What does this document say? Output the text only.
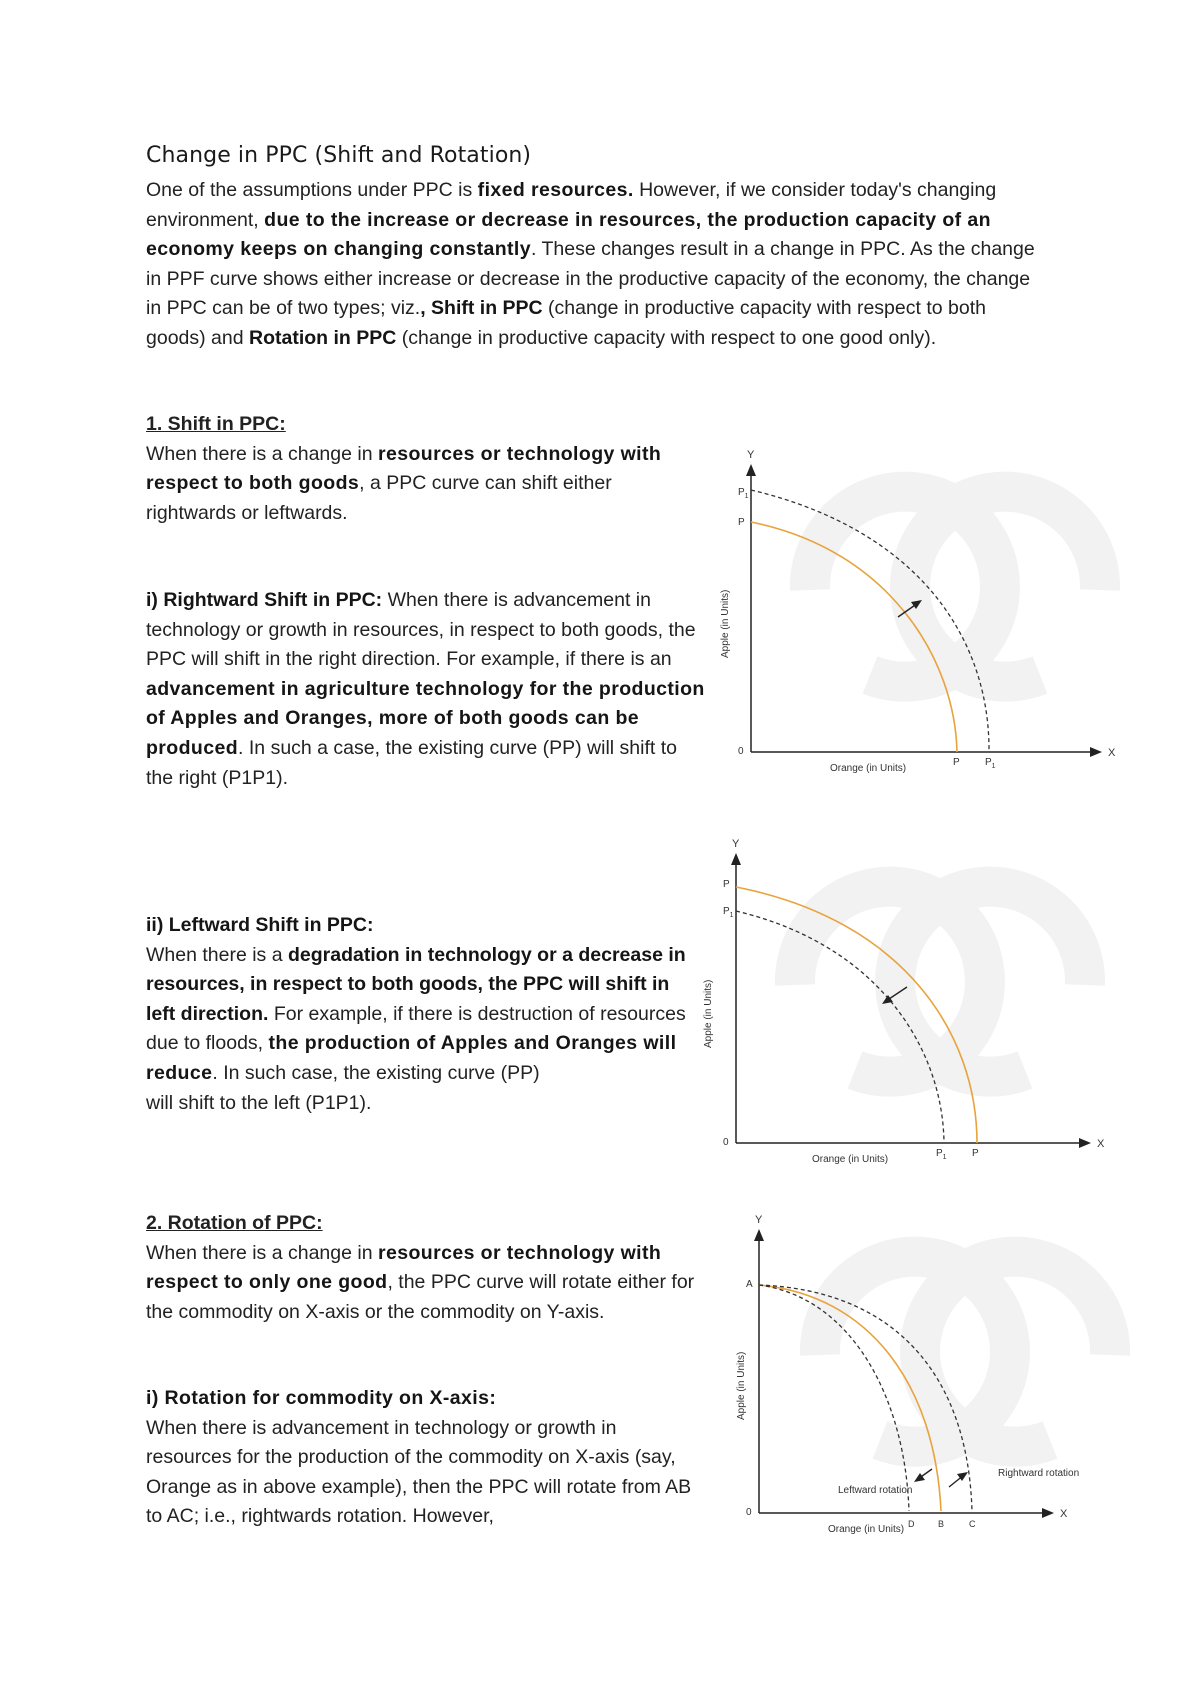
Change in PPC (Shift and Rotation)

One of the assumptions under PPC is fixed resources. However, if we consider today's changing environment, due to the increase or decrease in resources, the production capacity of an economy keeps on changing constantly. These changes result in a change in PPC. As the change in PPF curve shows either increase or decrease in the productive capacity of the economy, the change in PPC can be of two types; viz., Shift in PPC (change in productive capacity with respect to both goods) and Rotation in PPC (change in productive capacity with respect to one good only).

1. Shift in PPC:
When there is a change in resources or technology with respect to both goods, a PPC curve can shift either rightwards or leftwards.

i) Rightward Shift in PPC: When there is advancement in technology or growth in resources, in respect to both goods, the PPC will shift in the right direction. For example, if there is an advancement in agriculture technology for the production of Apples and Oranges, more of both goods can be produced. In such a case, the existing curve (PP) will shift to the right (P1P1).

ii) Leftward Shift in PPC:
When there is a degradation in technology or a decrease in resources, in respect to both goods, the PPC will shift in left direction. For example, if there is destruction of resources due to floods, the production of Apples and Oranges will reduce. In such case, the existing curve (PP)
will shift to the left (P1P1).

2. Rotation of PPC:
When there is a change in resources or technology with respect to only one good, the PPC curve will rotate either for the commodity on X-axis or the commodity on Y-axis.

i) Rotation for commodity on X-axis:
When there is advancement in technology or growth in resources for the production of the commodity on X-axis (say, Orange as in above example), then the PPC will rotate from AB to AC; i.e., rightwards rotation. However,

Y
X
0
$P_1$
P
P	$P_1$
Apple (in Units)
Orange (in Units)
Y
X
0
P
$P_1$
$P_1$	P
Apple (in Units)
Orange (in Units)
Y
X
0
A
D	B	C
Apple (in Units)
Orange (in Units)
Leftward rotation
Rightward rotation
